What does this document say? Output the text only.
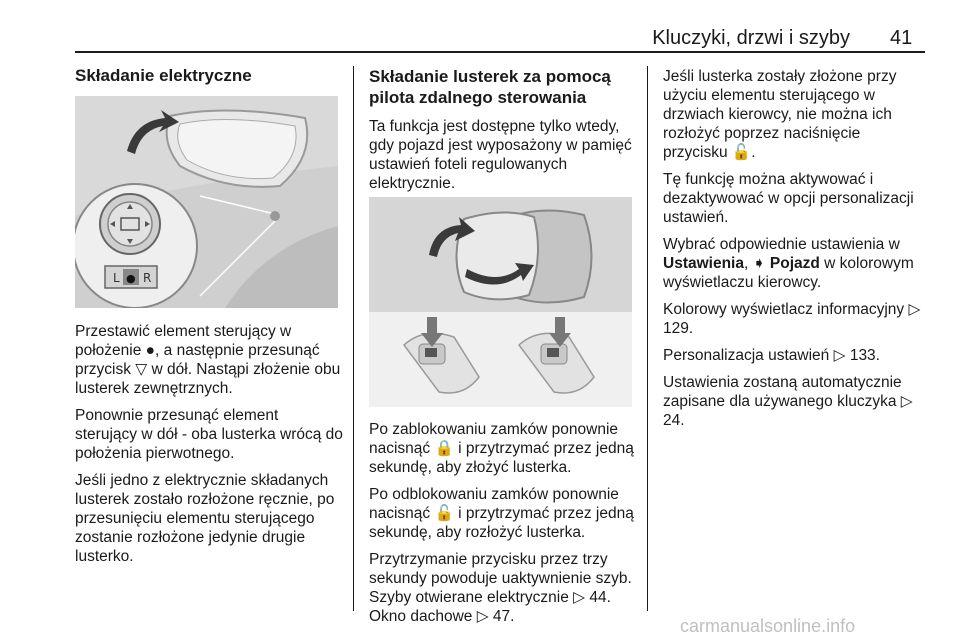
Kluczyki, drzwi i szyby 41
Składanie elektryczne
L ● R

Przestawić element sterujący w położenie ●, a następnie przesunąć przycisk ▽ w dół. Nastąpi złożenie obu lusterek zewnętrznych.

Ponownie przesunąć element sterujący w dół - oba lusterka wrócą do położenia pierwotnego.

Jeśli jedno z elektrycznie składanych lusterek zostało rozłożone ręcznie, po przesunięciu elementu sterującego zostanie rozłożone jedynie drugie lusterko.

Składanie lusterek za pomocą pilota zdalnego sterowania
Ta funkcja jest dostępne tylko wtedy, gdy pojazd jest wyposażony w pamięć ustawień foteli regulowanych elektrycznie.

Po zablokowaniu zamków ponownie nacisnąć 🔒 i przytrzymać przez jedną sekundę, aby złożyć lusterka.

Po odblokowaniu zamków ponownie nacisnąć 🔓 i przytrzymać przez jedną sekundę, aby rozłożyć lusterka.

Przytrzymanie przycisku przez trzy sekundy powoduje uaktywnienie szyb. Szyby otwierane elektrycznie ▷ 44. Okno dachowe ▷ 47.

Jeśli lusterka zostały złożone przy użyciu elementu sterującego w drzwiach kierowcy, nie można ich rozłożyć poprzez naciśnięcie przycisku 🔓.

Tę funkcję można aktywować i dezaktywować w opcji personalizacji ustawień.

Wybrać odpowiednie ustawienia w Ustawienia, ➧ Pojazd w kolorowym wyświetlaczu kierowcy.

Kolorowy wyświetlacz informacyjny ▷ 129.

Personalizacja ustawień ▷ 133.

Ustawienia zostaną automatycznie zapisane dla używanego kluczyka ▷ 24.

carmanualsonline.info
